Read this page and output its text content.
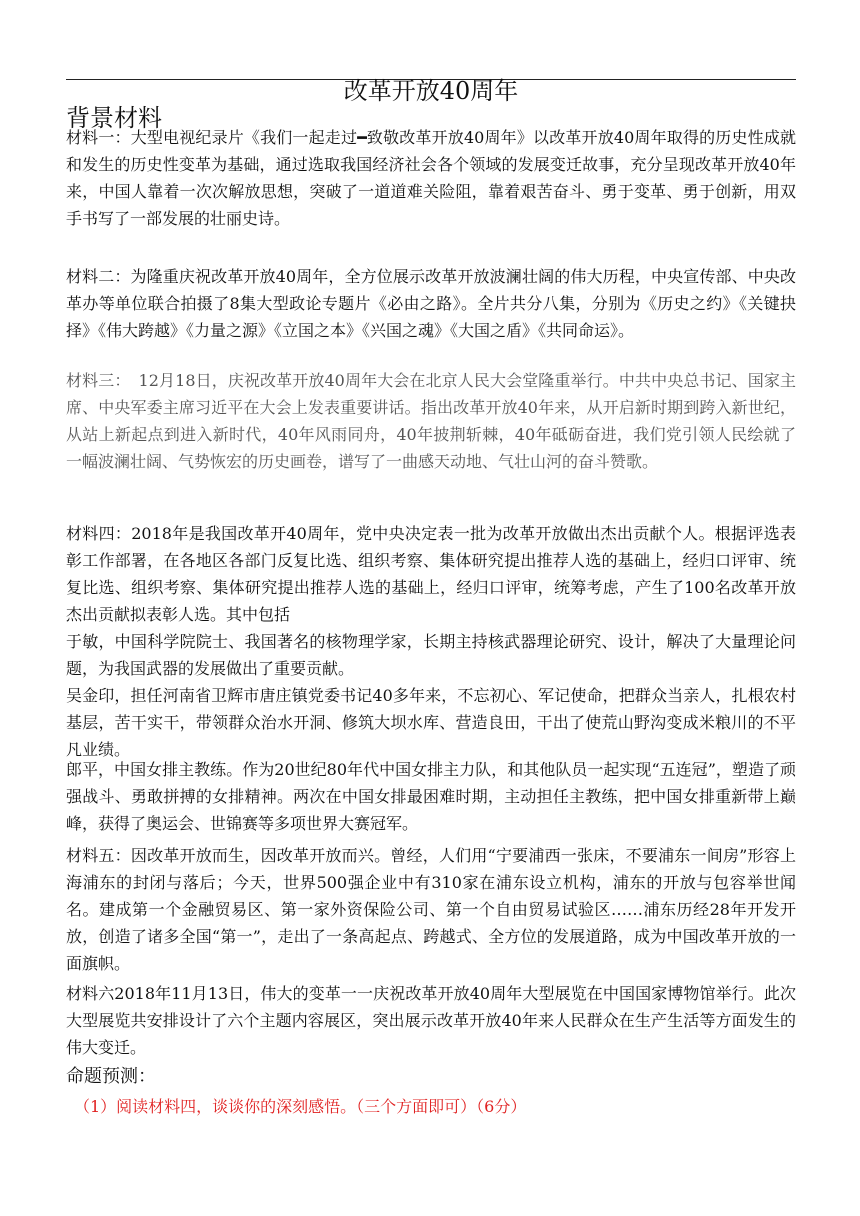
改革开放40周年
背景材料

材料一：大型电视纪录片《我们一起走过━致敬改革开放40周年》以改革开放40周年取得的历史性成就和发生的历史性变革为基础，通过选取我国经济社会各个领域的发展变迁故事，充分呈现改革开放40年来，中国人靠着一次次解放思想，突破了一道道难关险阻，靠着艰苦奋斗、勇于变革、勇于创新，用双手书写了一部发展的壮丽史诗。

材料二：为隆重庆祝改革开放40周年，全方位展示改革开放波澜壮阔的伟大历程，中央宣传部、中央改革办等单位联合拍摄了8集大型政论专题片《必由之路》。全片共分八集，分别为《历史之约》《关键抉择》《伟大跨越》《力量之源》《立国之本》《兴国之魂》《大国之盾》《共同命运》。

材料三：　12月18日，庆祝改革开放40周年大会在北京人民大会堂隆重举行。中共中央总书记、国家主席、中央军委主席习近平在大会上发表重要讲话。指出改革开放40年来，从开启新时期到跨入新世纪，从站上新起点到进入新时代，40年风雨同舟，40年披荆斩棘，40年砥砺奋进，我们党引领人民绘就了一幅波澜壮阔、气势恢宏的历史画卷，谱写了一曲感天动地、气壮山河的奋斗赞歌。

材料四：2018年是我国改革开40周年，党中央决定表一批为改革开放做出杰出贡献个人。根据评选表彰工作部署，在各地区各部门反复比选、组织考察、集体研究提出推荐人选的基础上，经归口评审、统复比选、组织考察、集体研究提出推荐人选的基础上，经归口评审，统筹考虑，产生了100名改革开放杰出贡献拟表彰人选。其中包括

于敏，中国科学院院士、我国著名的核物理学家，长期主持核武器理论研究、设计，解决了大量理论问题，为我国武器的发展做出了重要贡献。

吴金印，担任河南省卫辉市唐庄镇党委书记40多年来，不忘初心、军记使命，把群众当亲人，扎根农村基层，苦干实干，带领群众治水开洞、修筑大坝水库、营造良田，干出了使荒山野沟变成米粮川的不平凡业绩。

郎平，中国女排主教练。作为20世纪80年代中国女排主力队，和其他队员一起实现“五连冠”，塑造了顽强战斗、勇敢拼搏的女排精神。两次在中国女排最困难时期，主动担任主教练，把中国女排重新带上巅峰，获得了奥运会、世锦赛等多项世界大赛冠军。

材料五：因改革开放而生，因改革开放而兴。曾经，人们用“宁要浦西一张床，不要浦东一间房”形容上海浦东的封闭与落后；今天，世界500强企业中有310家在浦东设立机构，浦东的开放与包容举世闻名。建成第一个金融贸易区、第一家外资保险公司、第一个自由贸易试验区……浦东历经28年开发开放，创造了诸多全国“第一”，走出了一条高起点、跨越式、全方位的发展道路，成为中国改革开放的一面旗帜。

材料六2018年11月13日，伟大的变革一一庆祝改革开放40周年大型展览在中国国家博物馆举行。此次大型展览共安排设计了六个主题内容展区，突出展示改革开放40年来人民群众在生产生活等方面发生的伟大变迁。

命题预测：
（1）阅读材料四，谈谈你的深刻感悟。（三个方面即可）（6分）
